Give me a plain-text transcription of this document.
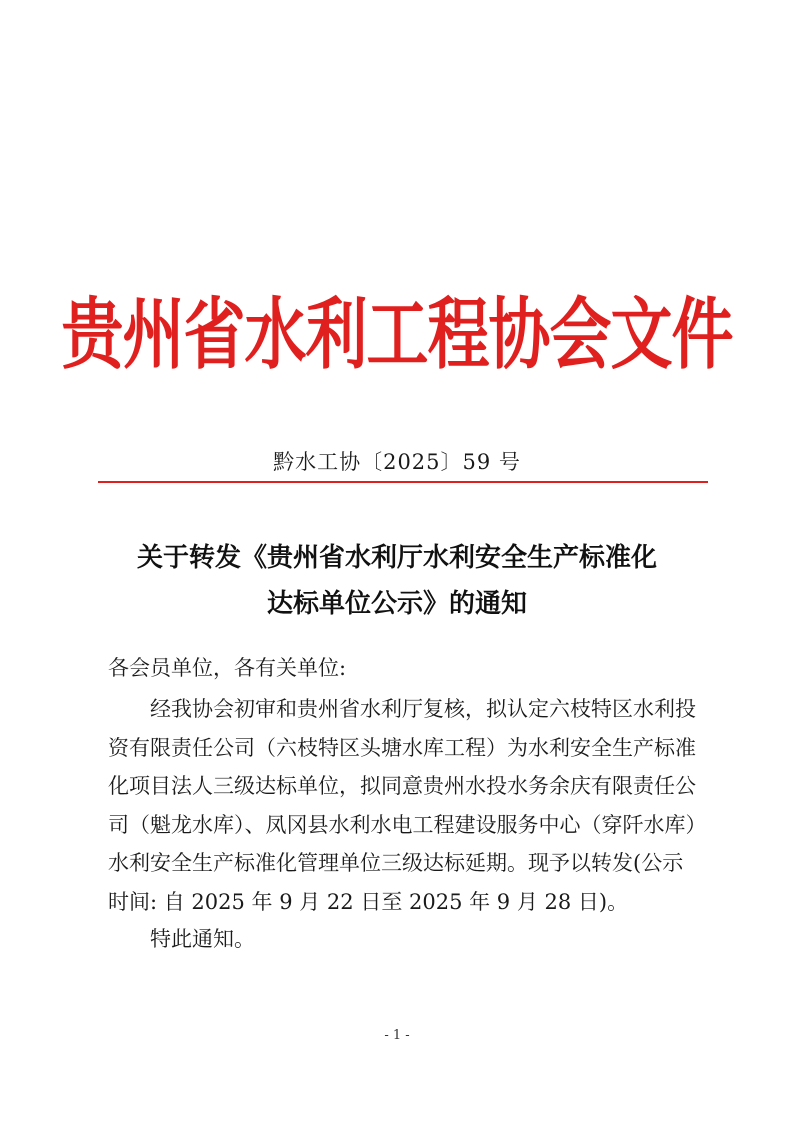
贵州省水利工程协会文件
黔水工协〔2025〕59 号
关于转发《贵州省水利厅水利安全生产标准化
达标单位公示》的通知
各会员单位，各有关单位:
经我协会初审和贵州省水利厅复核，拟认定六枝特区水利投
资有限责任公司（六枝特区头塘水库工程）为水利安全生产标准
化项目法人三级达标单位，拟同意贵州水投水务余庆有限责任公
司（魁龙水库）、凤冈县水利水电工程建设服务中心（穿阡水库）
水利安全生产标准化管理单位三级达标延期。现予以转发(公示
时间: 自 2025 年 9 月 22 日至 2025 年 9 月 28 日)。
特此通知。
- 1 -
